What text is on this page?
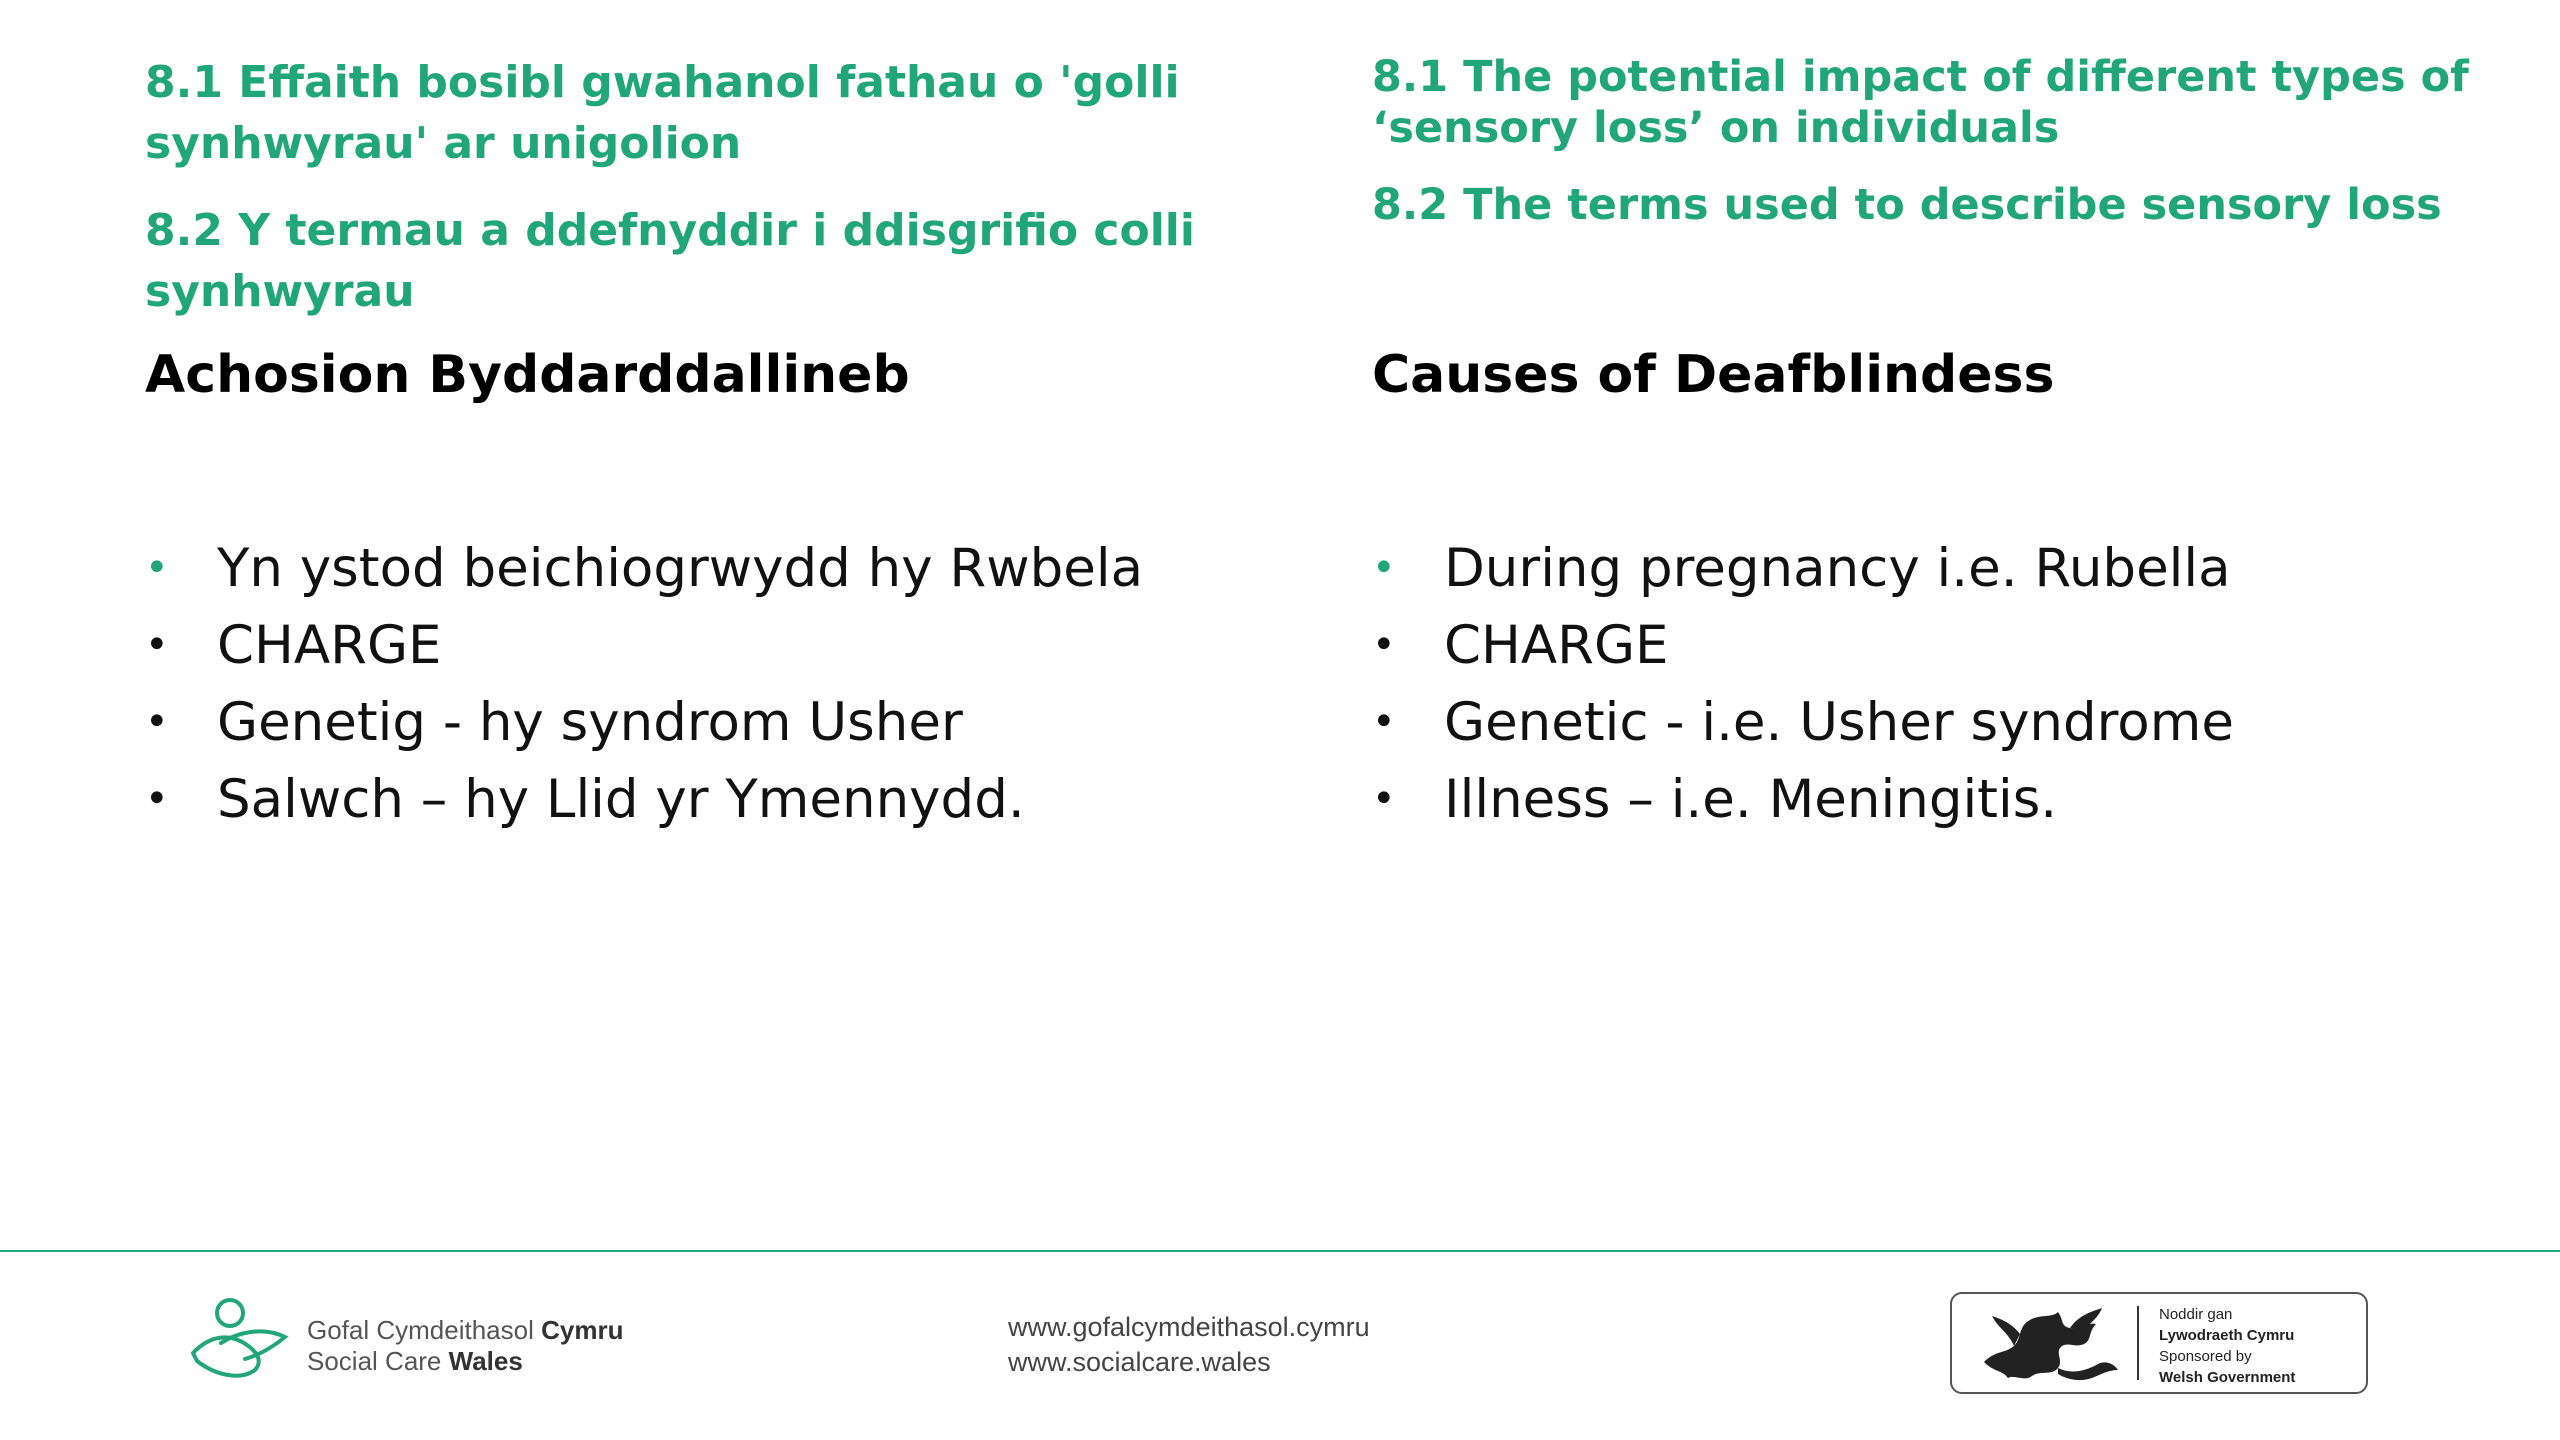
8.1 Effaith bosibl gwahanol fathau o 'golli synhwyrau' ar unigolion

8.2 Y termau a ddefnyddir i ddisgrifio colli synhwyrau

Achosion Byddarddallineb
• Yn ystod beichiogrwydd hy Rwbela
• CHARGE
• Genetig - hy syndrom Usher
• Salwch – hy Llid yr Ymennydd.

8.1 The potential impact of different types of ‘sensory loss’ on individuals

8.2 The terms used to describe sensory loss

Causes of Deafblindess
• During pregnancy i.e. Rubella
• CHARGE
• Genetic - i.e. Usher syndrome
• Illness – i.e. Meningitis.
Gofal Cymdeithasol Cymru
Social Care Wales
www.gofalcymdeithasol.cymru
www.socialcare.wales
Noddir gan
Lywodraeth Cymru
Sponsored by
Welsh Government
